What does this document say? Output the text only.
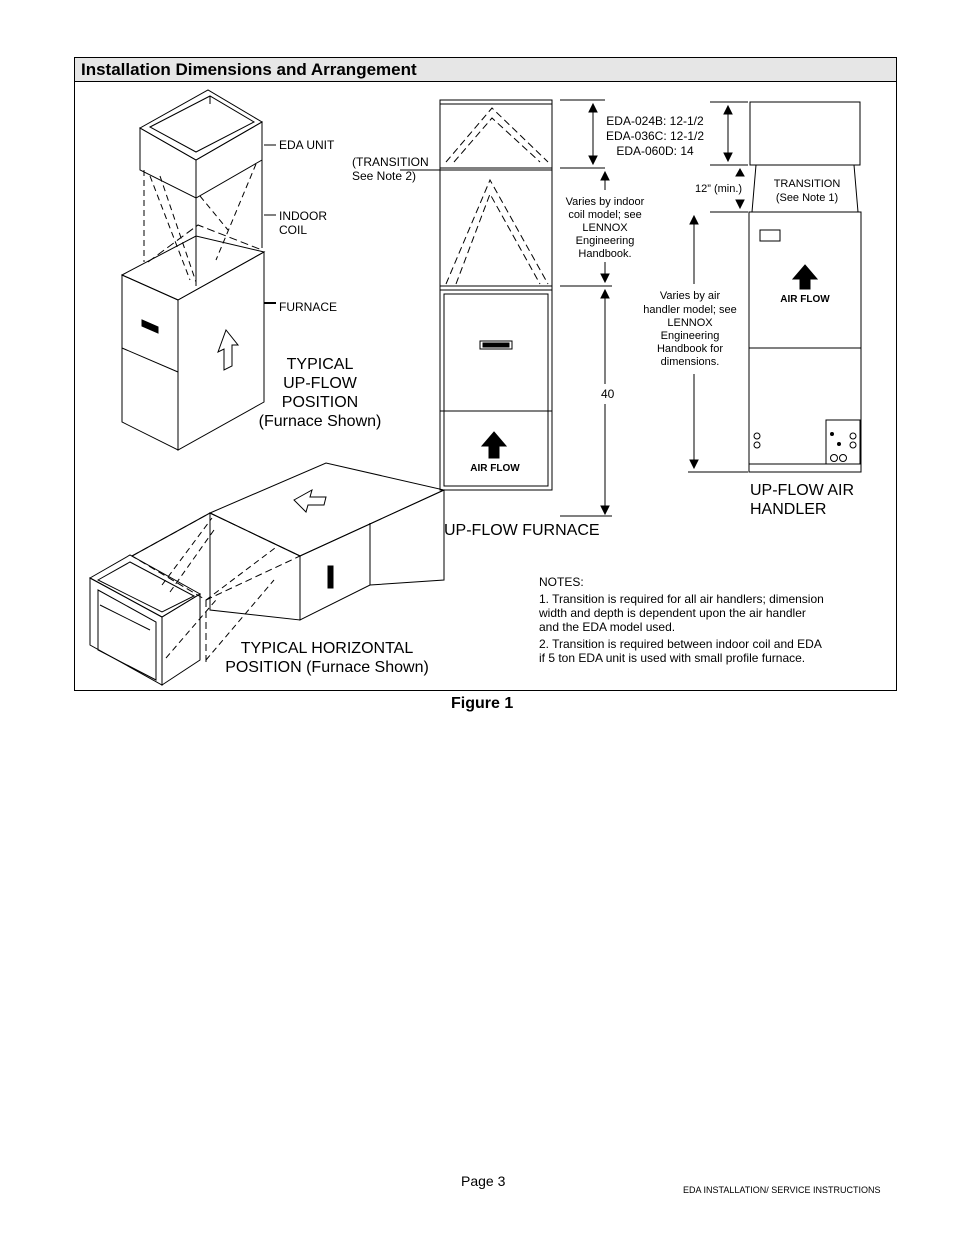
Installation Dimensions and Arrangement
EDA UNIT
INDOOR
COIL
FURNACE
TYPICAL
UP-FLOW
POSITION
(Furnace Shown)
(TRANSITION
See Note 2)
EDA-024B: 12-1/2
EDA-036C: 12-1/2
EDA-060D: 14
Varies by indoor
coil model; see
LENNOX
Engineering
Handbook.
40
AIR FLOW
UP-FLOW FURNACE
12” (min.)	TRANSITION
(See Note 1)
Varies by air
handler model; see
LENNOX
Engineering
Handbook for
dimensions.
AIR FLOW
UP-FLOW AIR
HANDLER
TYPICAL HORIZONTAL
POSITION (Furnace Shown)
NOTES:
1. Transition is required for all air handlers; dimension
width and depth is dependent upon the air handler
and the EDA model used.
2. Transition is required between indoor coil and EDA
if 5 ton EDA unit is used with small profile furnace.
Figure 1
Page 3
EDA INSTALLATION/ SERVICE INSTRUCTIONS
